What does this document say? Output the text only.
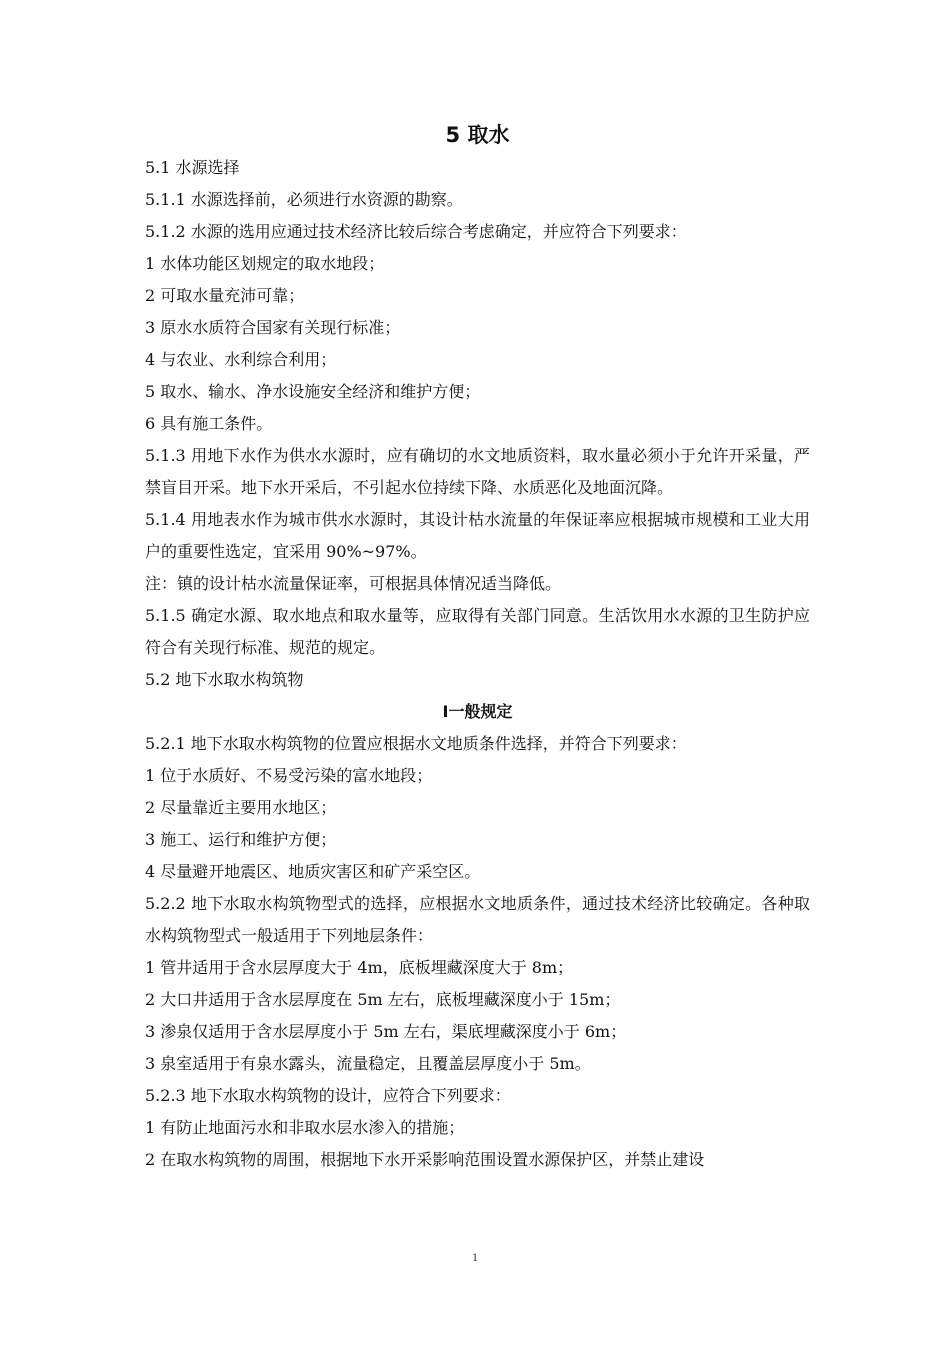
5 取水

5.1 水源选择

5.1.1 水源选择前，必须进行水资源的勘察。

5.1.2 水源的选用应通过技术经济比较后综合考虑确定，并应符合下列要求：

1 水体功能区划规定的取水地段；

2 可取水量充沛可靠；

3 原水水质符合国家有关现行标准；

4 与农业、水利综合利用；

5 取水、输水、净水设施安全经济和维护方便；

6 具有施工条件。

5.1.3 用地下水作为供水水源时，应有确切的水文地质资料，取水量必须小于允许开采量，严禁盲目开采。地下水开采后，不引起水位持续下降、水质恶化及地面沉降。

5.1.4 用地表水作为城市供水水源时，其设计枯水流量的年保证率应根据城市规模和工业大用户的重要性选定，宜采用 90%~97%。

注：镇的设计枯水流量保证率，可根据具体情况适当降低。

5.1.5 确定水源、取水地点和取水量等，应取得有关部门同意。生活饮用水水源的卫生防护应符合有关现行标准、规范的规定。

5.2 地下水取水构筑物

Ⅰ一般规定

5.2.1 地下水取水构筑物的位置应根据水文地质条件选择，并符合下列要求：

1 位于水质好、不易受污染的富水地段；

2 尽量靠近主要用水地区；

3 施工、运行和维护方便；

4 尽量避开地震区、地质灾害区和矿产采空区。

5.2.2 地下水取水构筑物型式的选择，应根据水文地质条件，通过技术经济比较确定。各种取水构筑物型式一般适用于下列地层条件：

1 管井适用于含水层厚度大于 4m，底板埋藏深度大于 8m；

2 大口井适用于含水层厚度在 5m 左右，底板埋藏深度小于 15m；

3 渗泉仅适用于含水层厚度小于 5m 左右，渠底埋藏深度小于 6m；

3 泉室适用于有泉水露头，流量稳定，且覆盖层厚度小于 5m。

5.2.3 地下水取水构筑物的设计，应符合下列要求：

1 有防止地面污水和非取水层水渗入的措施；

2 在取水构筑物的周围，根据地下水开采影响范围设置水源保护区，并禁止建设

1
